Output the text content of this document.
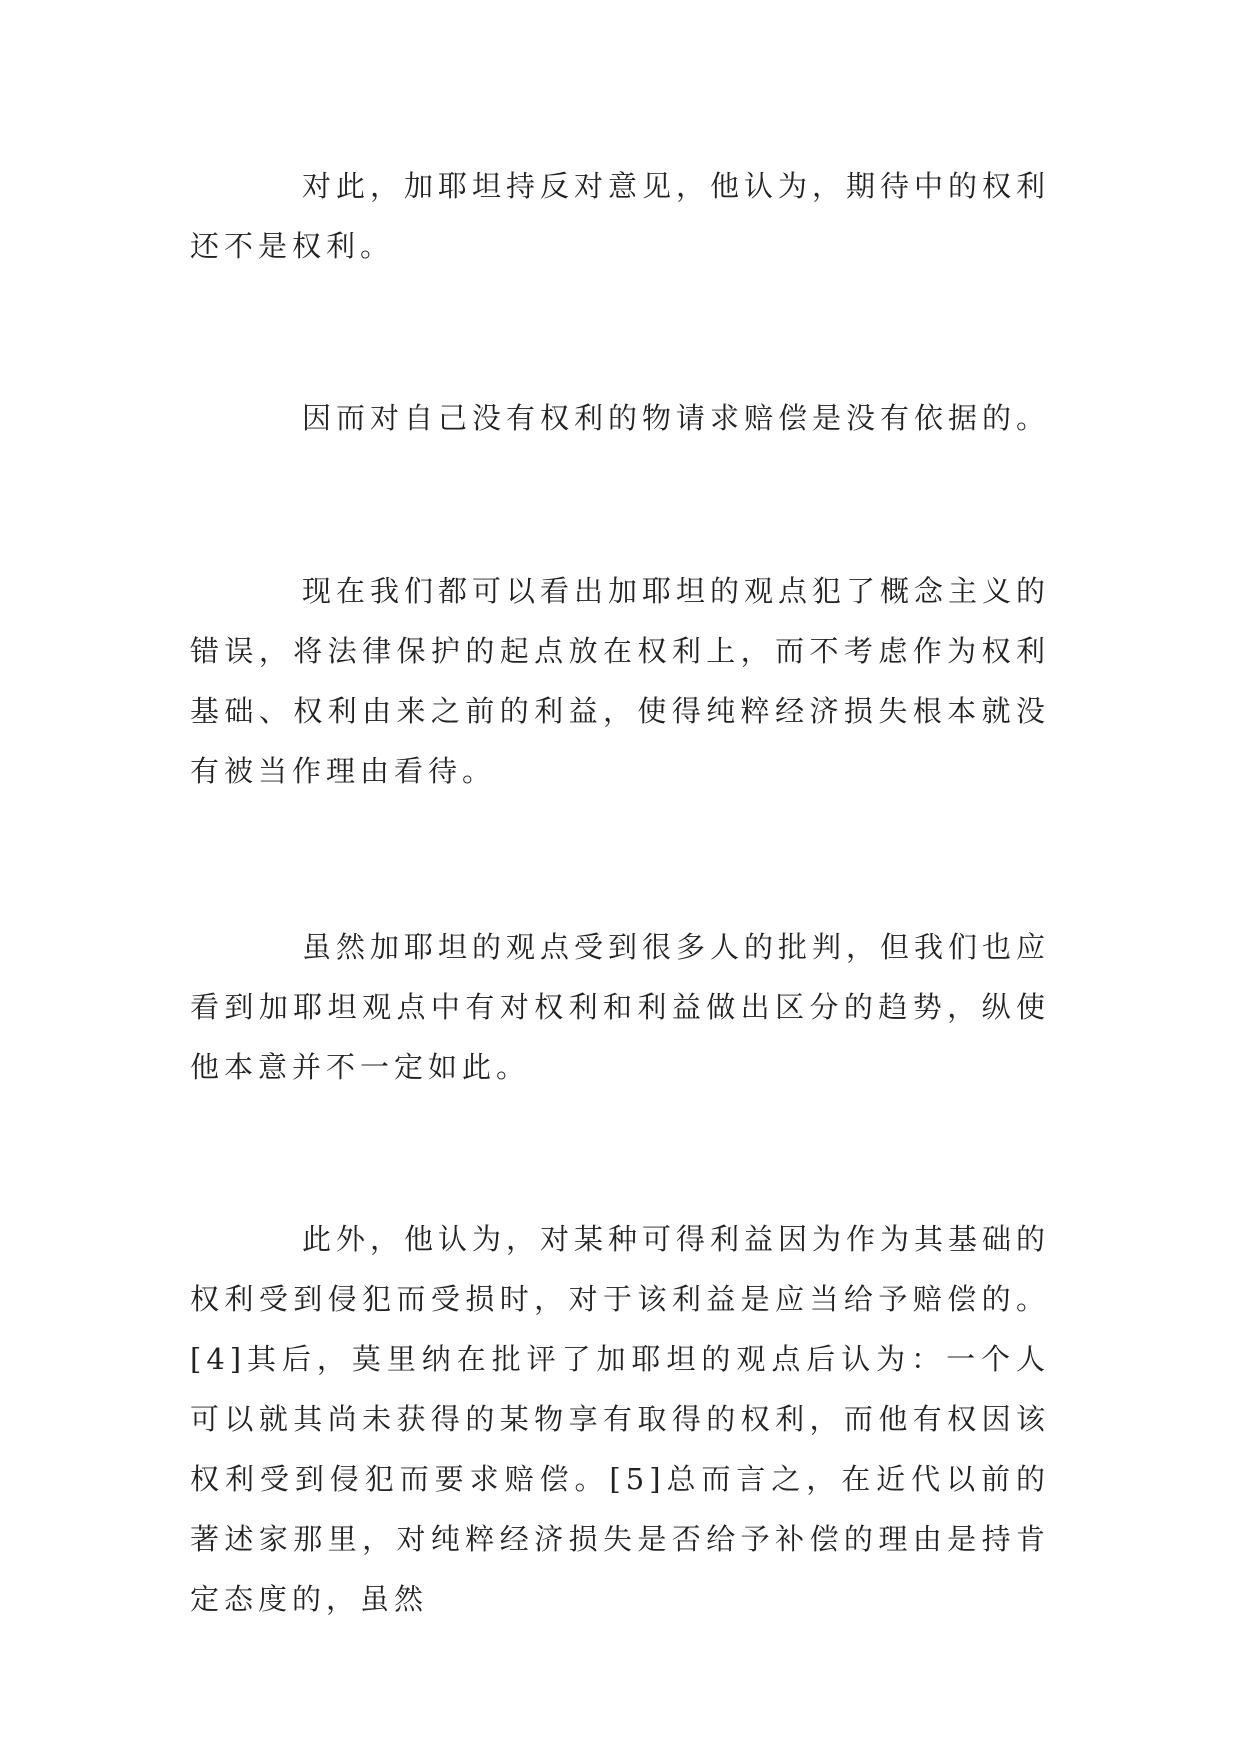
对此，加耶坦持反对意见，他认为，期待中的权利还不是权利。

因而对自己没有权利的物请求赔偿是没有依据的。

现在我们都可以看出加耶坦的观点犯了概念主义的错误，将法律保护的起点放在权利上，而不考虑作为权利基础、权利由来之前的利益，使得纯粹经济损失根本就没有被当作理由看待。

虽然加耶坦的观点受到很多人的批判，但我们也应看到加耶坦观点中有对权利和利益做出区分的趋势，纵使他本意并不一定如此。

此外，他认为，对某种可得利益因为作为其基础的权利受到侵犯而受损时，对于该利益是应当给予赔偿的。[4]其后，莫里纳在批评了加耶坦的观点后认为：一个人可以就其尚未获得的某物享有取得的权利，而他有权因该权利受到侵犯而要求赔偿。[5]总而言之，在近代以前的著述家那里，对纯粹经济损失是否给予补偿的理由是持肯定态度的，虽然
